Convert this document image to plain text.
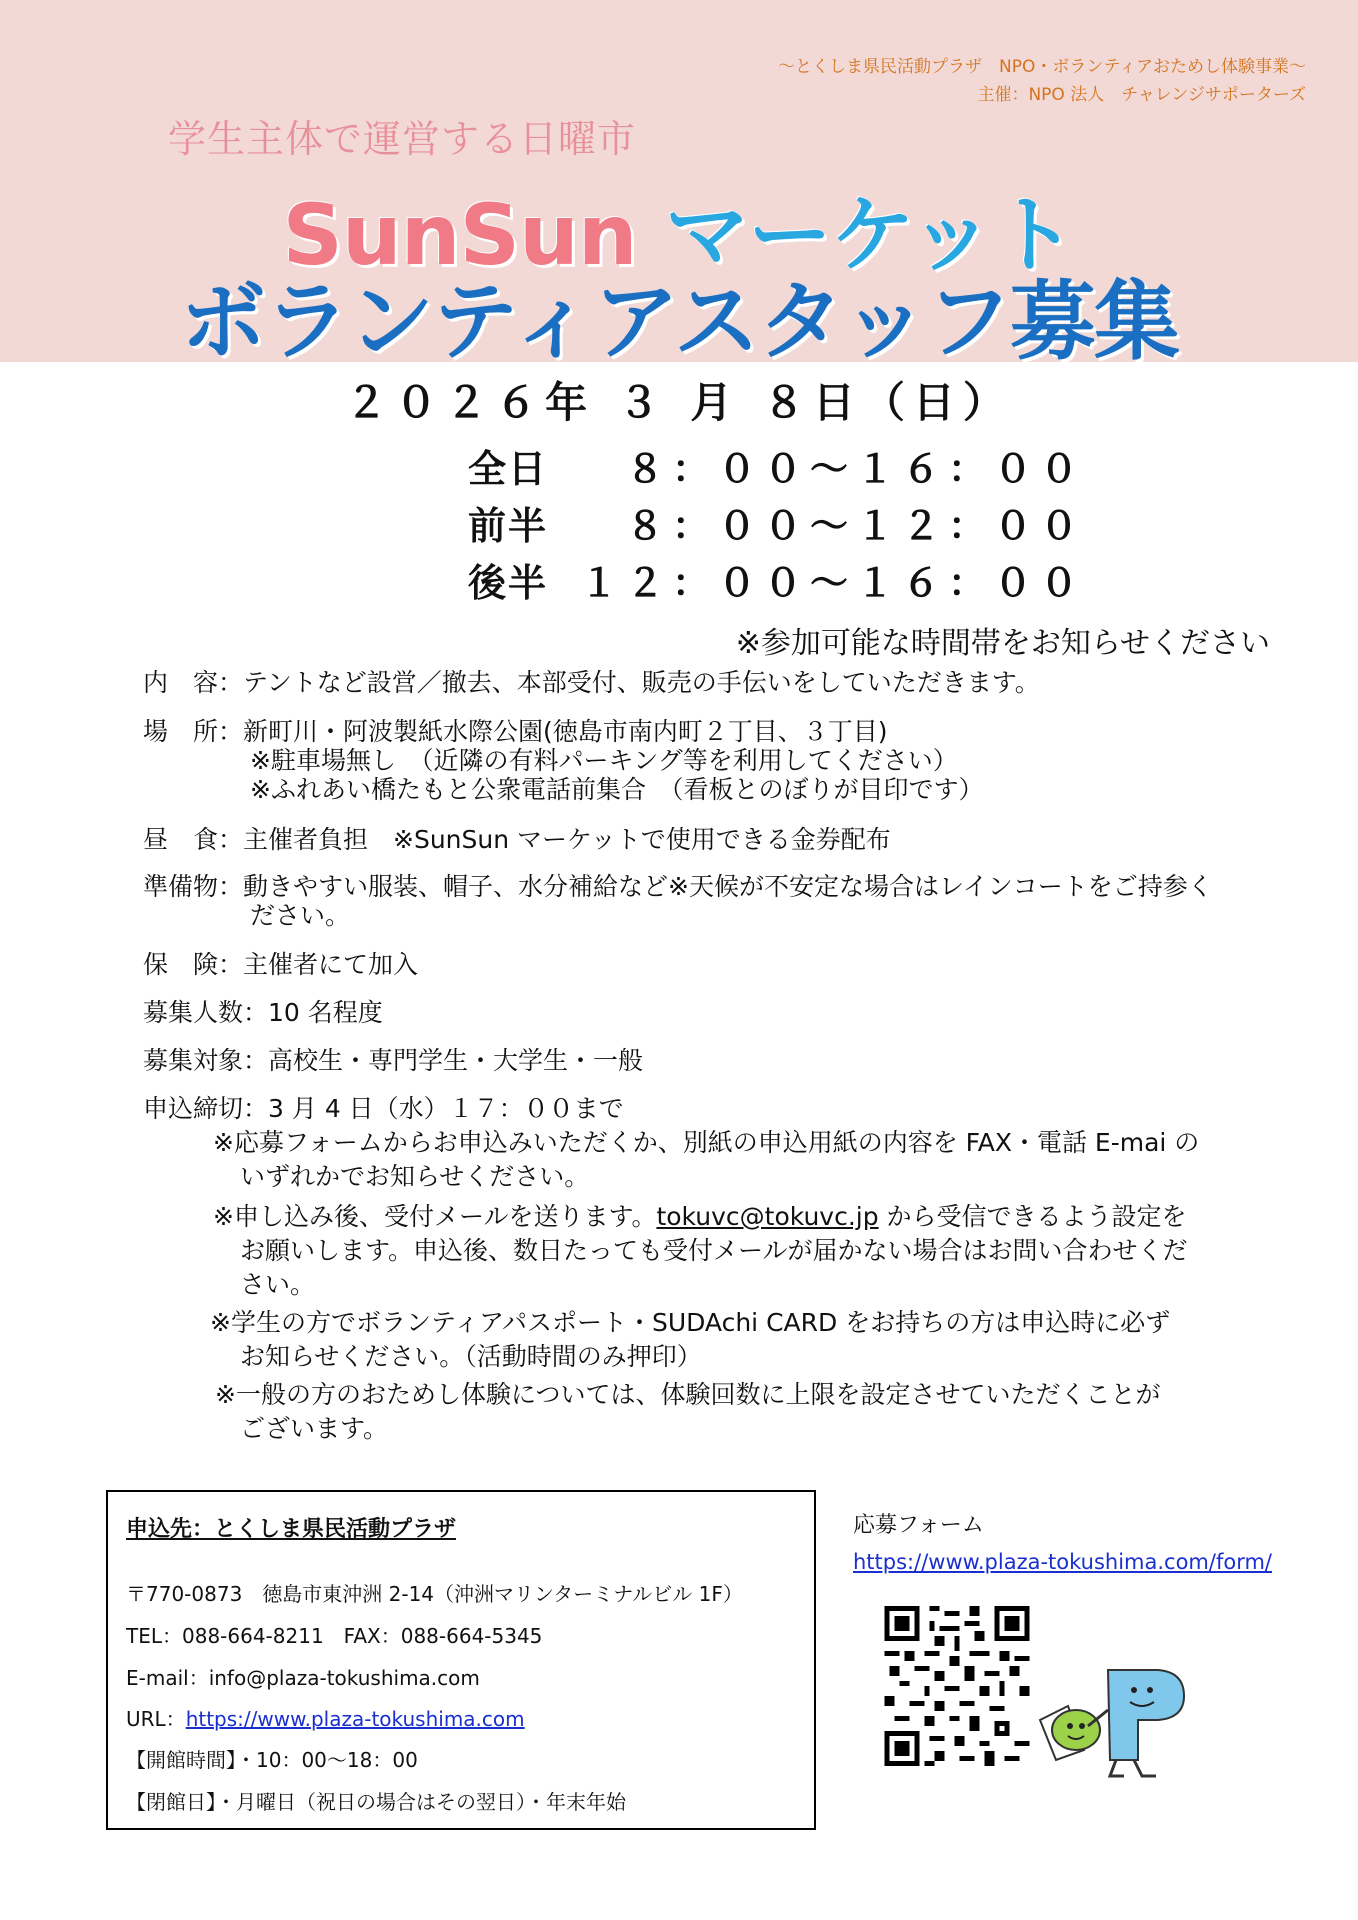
～とくしま県民活動プラザ　NPO・ボランティアおためし体験事業～
主催：NPO 法人　チャレンジサポーターズ
学生主体で運営する日曜市
SunSun マーケット
ボランティアスタッフ募集
２０２６年 ３ 月 ８日（日）
全日　８：００～１６：００
前半　８：００～１２：００
後半 １２：００～１６：００
※参加可能な時間帯をお知らせください
内　容：テントなど設営／撤去、本部受付、販売の手伝いをしていただきます。
場　所：新町川・阿波製紙水際公園(徳島市南内町２丁目、３丁目)
※駐車場無し　（近隣の有料パーキング等を利用してください）
※ふれあい橋たもと公衆電話前集合　（看板とのぼりが目印です）
昼　食：主催者負担　※SunSun マーケットで使用できる金券配布
準備物：動きやすい服装、帽子、水分補給など※天候が不安定な場合はレインコートをご持参く
ださい。
保　険：主催者にて加入
募集人数：10 名程度
募集対象：高校生・専門学生・大学生・一般
申込締切：3 月 4 日（水）１７：００まで
※応募フォームからお申込みいただくか、別紙の申込用紙の内容を FAX・電話 E-mai の
いずれかでお知らせください。
※申し込み後、受付メールを送ります。tokuvc@tokuvc.jp から受信できるよう設定を
お願いします。申込後、数日たっても受付メールが届かない場合はお問い合わせくだ
さい。
※学生の方でボランティアパスポート・SUDAchi CARD をお持ちの方は申込時に必ず
お知らせください。（活動時間のみ押印）
※一般の方のおためし体験については、体験回数に上限を設定させていただくことが
ございます。
申込先：とくしま県民活動プラザ
〒770-0873　徳島市東沖洲 2-14（沖洲マリンターミナルビル 1F）
TEL：088-664-8211　FAX：088-664-5345
E-mail：info@plaza-tokushima.com
URL：https://www.plaza-tokushima.com
【開館時間】・10：00～18：00
【閉館日】・月曜日（祝日の場合はその翌日）・年末年始
応募フォーム
https://www.plaza-tokushima.com/form/
